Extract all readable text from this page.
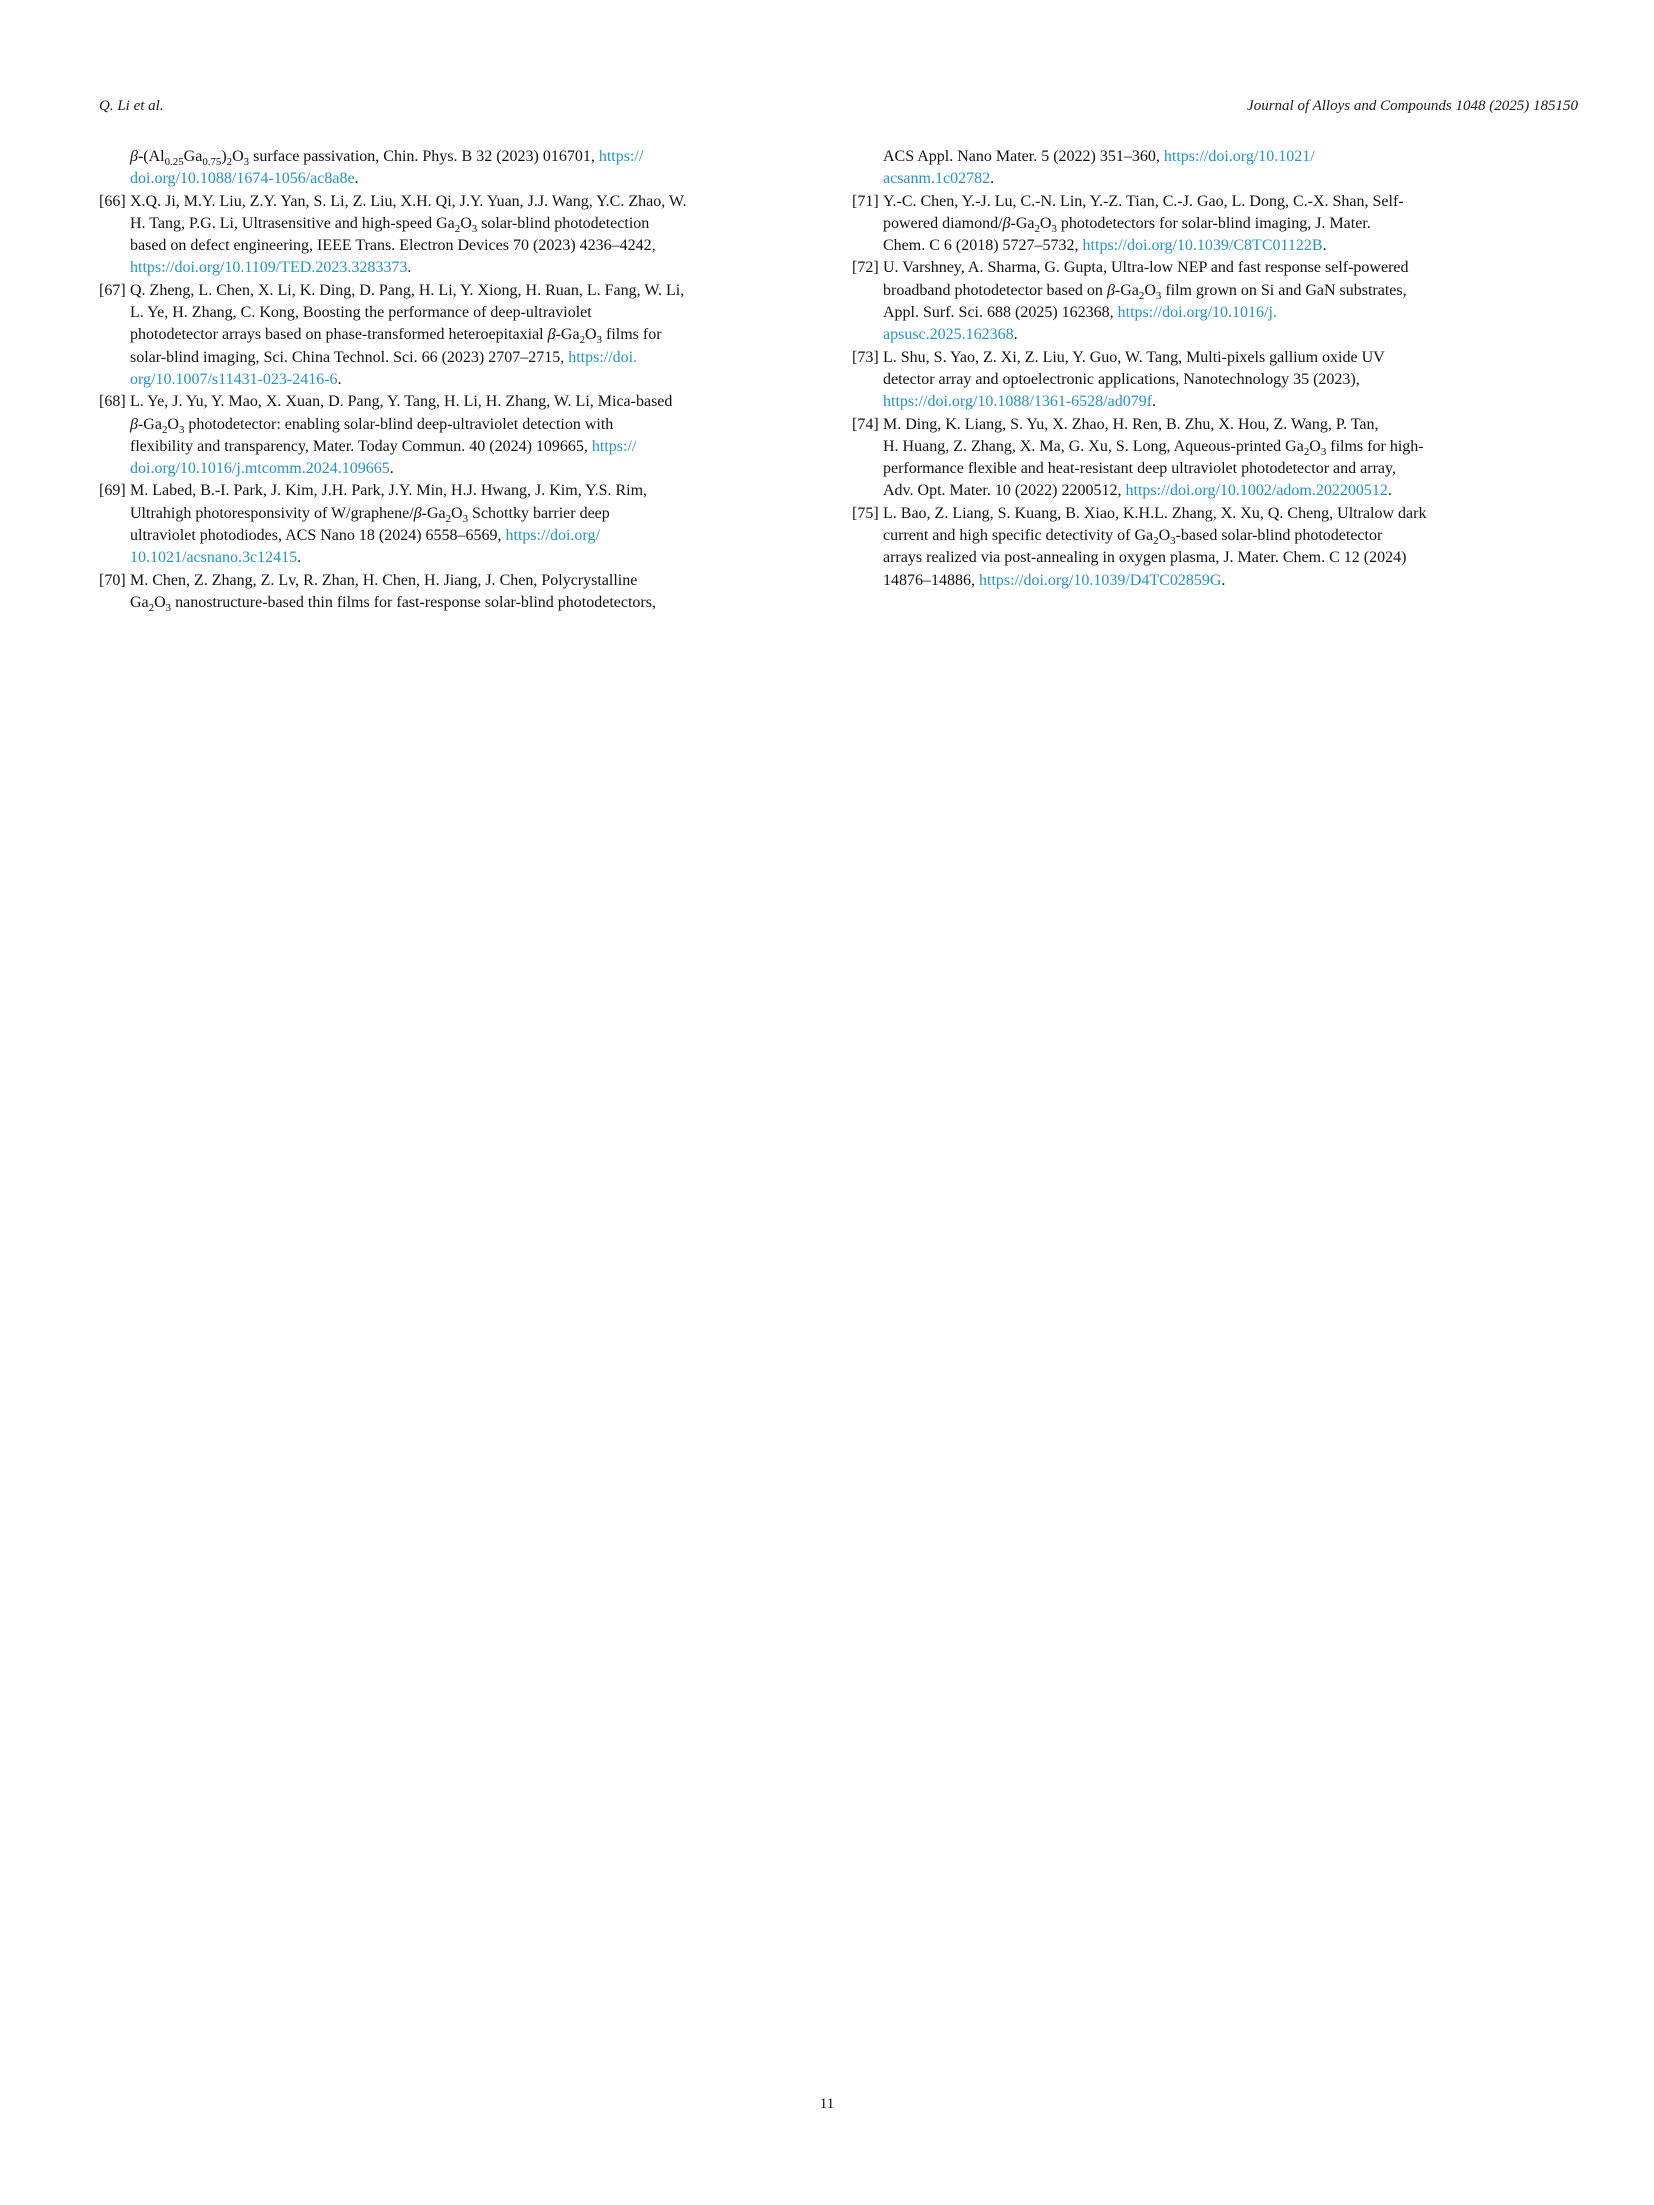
Q. Li et al.	Journal of Alloys and Compounds 1048 (2025) 185150
$\beta-(Al_{0.25}Ga_{0.75})_2O_3$ surface passivation, Chin. Phys. B 32 (2023) 016701, https://
doi.org/10.1088/1674-1056/ac8a8e.
[66] X.Q. Ji, M.Y. Liu, Z.Y. Yan, S. Li, Z. Liu, X.H. Qi, J.Y. Yuan, J.J. Wang, Y.C. Zhao, W.
H. Tang, P.G. Li, Ultrasensitive and high-speed $Ga_2O_3$ solar-blind photodetection
based on defect engineering, IEEE Trans. Electron Devices 70 (2023) 4236–4242,
https://doi.org/10.1109/TED.2023.3283373.
[67] Q. Zheng, L. Chen, X. Li, K. Ding, D. Pang, H. Li, Y. Xiong, H. Ruan, L. Fang, W. Li,
L. Ye, H. Zhang, C. Kong, Boosting the performance of deep-ultraviolet
photodetector arrays based on phase-transformed heteroepitaxial $\beta-Ga_2O_3$ films for
solar-blind imaging, Sci. China Technol. Sci. 66 (2023) 2707–2715, https://doi.
org/10.1007/s11431-023-2416-6.
[68] L. Ye, J. Yu, Y. Mao, X. Xuan, D. Pang, Y. Tang, H. Li, H. Zhang, W. Li, Mica-based
$\beta-Ga_2O_3$ photodetector: enabling solar-blind deep-ultraviolet detection with
flexibility and transparency, Mater. Today Commun. 40 (2024) 109665, https://
doi.org/10.1016/j.mtcomm.2024.109665.
[69] M. Labed, B.-I. Park, J. Kim, J.H. Park, J.Y. Min, H.J. Hwang, J. Kim, Y.S. Rim,
Ultrahigh photoresponsivity of $W/graphene/\beta-Ga_2O_3$ Schottky barrier deep
ultraviolet photodiodes, ACS Nano 18 (2024) 6558–6569, https://doi.org/
10.1021/acsnano.3c12415.
[70] M. Chen, Z. Zhang, Z. Lv, R. Zhan, H. Chen, H. Jiang, J. Chen, Polycrystalline
$Ga_2O_3$ nanostructure-based thin films for fast-response solar-blind photodetectors,
ACS Appl. Nano Mater. 5 (2022) 351–360, https://doi.org/10.1021/
acsanm.1c02782.
[71] Y.-C. Chen, Y.-J. Lu, C.-N. Lin, Y.-Z. Tian, C.-J. Gao, L. Dong, C.-X. Shan, Self-
powered diamond/$\beta-Ga_2O_3$ photodetectors for solar-blind imaging, J. Mater.
Chem. C 6 (2018) 5727–5732, https://doi.org/10.1039/C8TC01122B.
[72] U. Varshney, A. Sharma, G. Gupta, Ultra-low NEP and fast response self-powered
broadband photodetector based on $\beta-Ga_2O_3$ film grown on Si and GaN substrates,
Appl. Surf. Sci. 688 (2025) 162368, https://doi.org/10.1016/j.
apsusc.2025.162368.
[73] L. Shu, S. Yao, Z. Xi, Z. Liu, Y. Guo, W. Tang, Multi-pixels gallium oxide UV
detector array and optoelectronic applications, Nanotechnology 35 (2023),
https://doi.org/10.1088/1361-6528/ad079f.
[74] M. Ding, K. Liang, S. Yu, X. Zhao, H. Ren, B. Zhu, X. Hou, Z. Wang, P. Tan,
H. Huang, Z. Zhang, X. Ma, G. Xu, S. Long, Aqueous-printed $Ga_2O_3$ films for high-
performance flexible and heat-resistant deep ultraviolet photodetector and array,
Adv. Opt. Mater. 10 (2022) 2200512, https://doi.org/10.1002/adom.202200512.
[75] L. Bao, Z. Liang, S. Kuang, B. Xiao, K.H.L. Zhang, X. Xu, Q. Cheng, Ultralow dark
current and high specific detectivity of $Ga_2O_3$-based solar-blind photodetector
arrays realized via post-annealing in oxygen plasma, J. Mater. Chem. C 12 (2024)
14876–14886, https://doi.org/10.1039/D4TC02859G.
11
